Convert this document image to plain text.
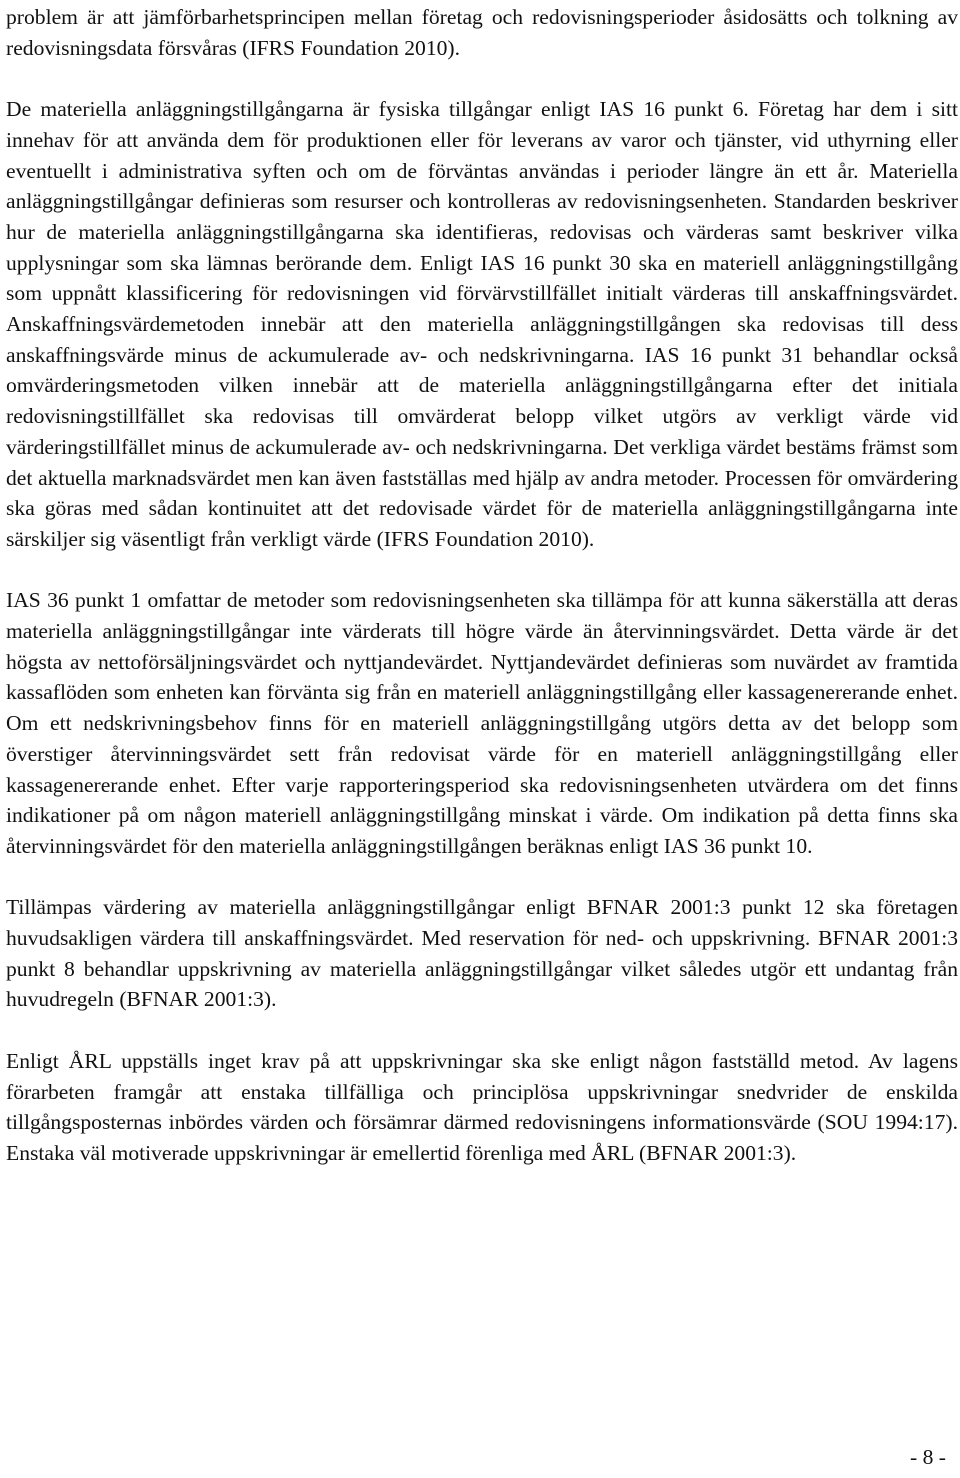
problem är att jämförbarhetsprincipen mellan företag och redovisningsperioder åsidosätts och tolkning av redovisningsdata försvåras (IFRS Foundation 2010).

De materiella anläggningstillgångarna är fysiska tillgångar enligt IAS 16 punkt 6. Företag har dem i sitt innehav för att använda dem för produktionen eller för leverans av varor och tjänster, vid uthyrning eller eventuellt i administrativa syften och om de förväntas användas i perioder längre än ett år. Materiella anläggningstillgångar definieras som resurser och kontrolleras av redovisningsenheten. Standarden beskriver hur de materiella anläggningstillgångarna ska identifieras, redovisas och värderas samt beskriver vilka upplysningar som ska lämnas berörande dem. Enligt IAS 16 punkt 30 ska en materiell anläggningstillgång som uppnått klassificering för redovisningen vid förvärvstillfället initialt värderas till anskaffningsvärdet. Anskaffningsvärdemetoden innebär att den materiella anläggningstillgången ska redovisas till dess anskaffningsvärde minus de ackumulerade av- och nedskrivningarna. IAS 16 punkt 31 behandlar också omvärderingsmetoden vilken innebär att de materiella anläggningstillgångarna efter det initiala redovisningstillfället ska redovisas till omvärderat belopp vilket utgörs av verkligt värde vid värderingstillfället minus de ackumulerade av- och nedskrivningarna. Det verkliga värdet bestäms främst som det aktuella marknadsvärdet men kan även fastställas med hjälp av andra metoder. Processen för omvärdering ska göras med sådan kontinuitet att det redovisade värdet för de materiella anläggningstillgångarna inte särskiljer sig väsentligt från verkligt värde (IFRS Foundation 2010).

IAS 36 punkt 1 omfattar de metoder som redovisningsenheten ska tillämpa för att kunna säkerställa att deras materiella anläggningstillgångar inte värderats till högre värde än återvinningsvärdet. Detta värde är det högsta av nettoförsäljningsvärdet och nyttjandevärdet. Nyttjandevärdet definieras som nuvärdet av framtida kassaflöden som enheten kan förvänta sig från en materiell anläggningstillgång eller kassagenererande enhet. Om ett nedskrivningsbehov finns för en materiell anläggningstillgång utgörs detta av det belopp som överstiger återvinningsvärdet sett från redovisat värde för en materiell anläggningstillgång eller kassagenererande enhet. Efter varje rapporteringsperiod ska redovisningsenheten utvärdera om det finns indikationer på om någon materiell anläggningstillgång minskat i värde. Om indikation på detta finns ska återvinningsvärdet för den materiella anläggningstillgången beräknas enligt IAS 36 punkt 10.

Tillämpas värdering av materiella anläggningstillgångar enligt BFNAR 2001:3 punkt 12 ska företagen huvudsakligen värdera till anskaffningsvärdet. Med reservation för ned- och uppskrivning. BFNAR 2001:3 punkt 8 behandlar uppskrivning av materiella anläggningstillgångar vilket således utgör ett undantag från huvudregeln (BFNAR 2001:3).

Enligt ÅRL uppställs inget krav på att uppskrivningar ska ske enligt någon fastställd metod. Av lagens förarbeten framgår att enstaka tillfälliga och principlösa uppskrivningar snedvrider de enskilda tillgångsposternas inbördes värden och försämrar därmed redovisningens informationsvärde (SOU 1994:17). Enstaka väl motiverade uppskrivningar är emellertid förenliga med ÅRL (BFNAR 2001:3).

- 8 -
